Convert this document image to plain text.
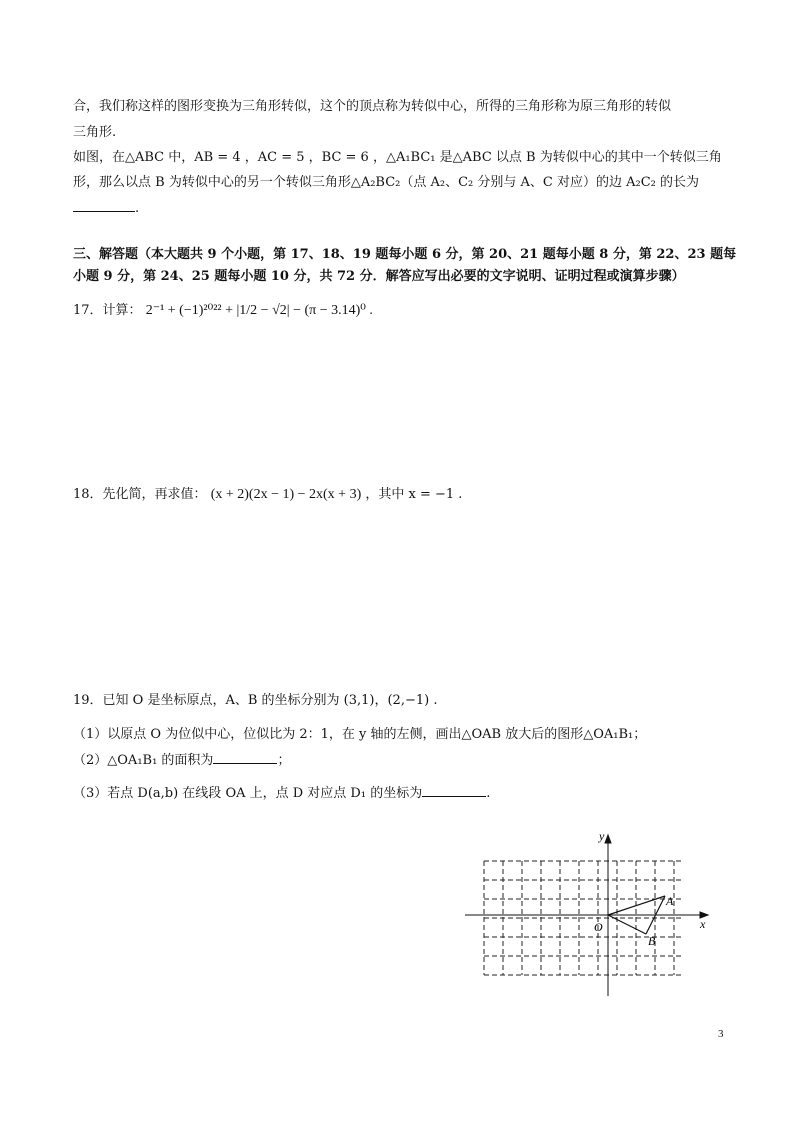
合，我们称这样的图形变换为三角形转似，这个的顶点称为转似中心，所得的三角形称为原三角形的转似
三角形.
如图，在△ABC 中，AB = 4 ，AC = 5 ，BC = 6 ，△A₁BC₁ 是△ABC 以点 B 为转似中心的其中一个转似三角
形，那么以点 B 为转似中心的另一个转似三角形△A₂BC₂（点 A₂、C₂ 分别与 A、C 对应）的边 A₂C₂ 的长为
.
三、解答题（本大题共 9 个小题，第 17、18、19 题每小题 6 分，第 20、21 题每小题 8 分，第 22、23 题每
小题 9 分，第 24、25 题每小题 10 分，共 72 分．解答应写出必要的文字说明、证明过程或演算步骤）
17．计算： 2⁻¹ + (−1)²⁰²² + |1/2 − √2| − (π − 3.14)⁰ .
18．先化简，再求值： (x + 2)(2x − 1) − 2x(x + 3) ，其中 x = −1 .
19．已知 O 是坐标原点，A、B 的坐标分别为 (3,1)，(2,−1) .
（1）以原点 O 为位似中心，位似比为 2：1，在 y 轴的左侧，画出△OAB 放大后的图形△OA₁B₁；
（2）△OA₁B₁ 的面积为	；
（3）若点 D(a,b) 在线段 OA 上，点 D 对应点 D₁ 的坐标为	.
y
x
O
A
B
3
